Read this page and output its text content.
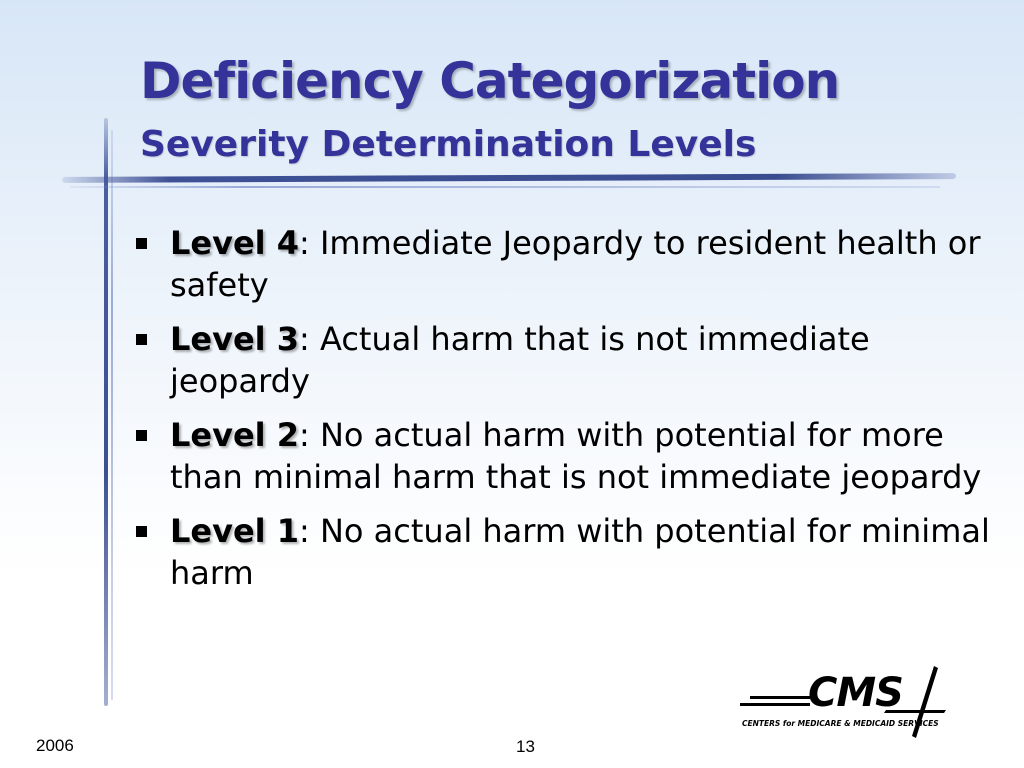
Deficiency Categorization
Severity Determination Levels
Level 4: Immediate Jeopardy to resident health or safety
Level 3: Actual harm that is not immediate jeopardy
Level 2: No actual harm with potential for more than minimal harm that is not immediate jeopardy
Level 1: No actual harm with potential for minimal harm
2006	13
CMS
CENTERS for MEDICARE & MEDICAID SERVICES
